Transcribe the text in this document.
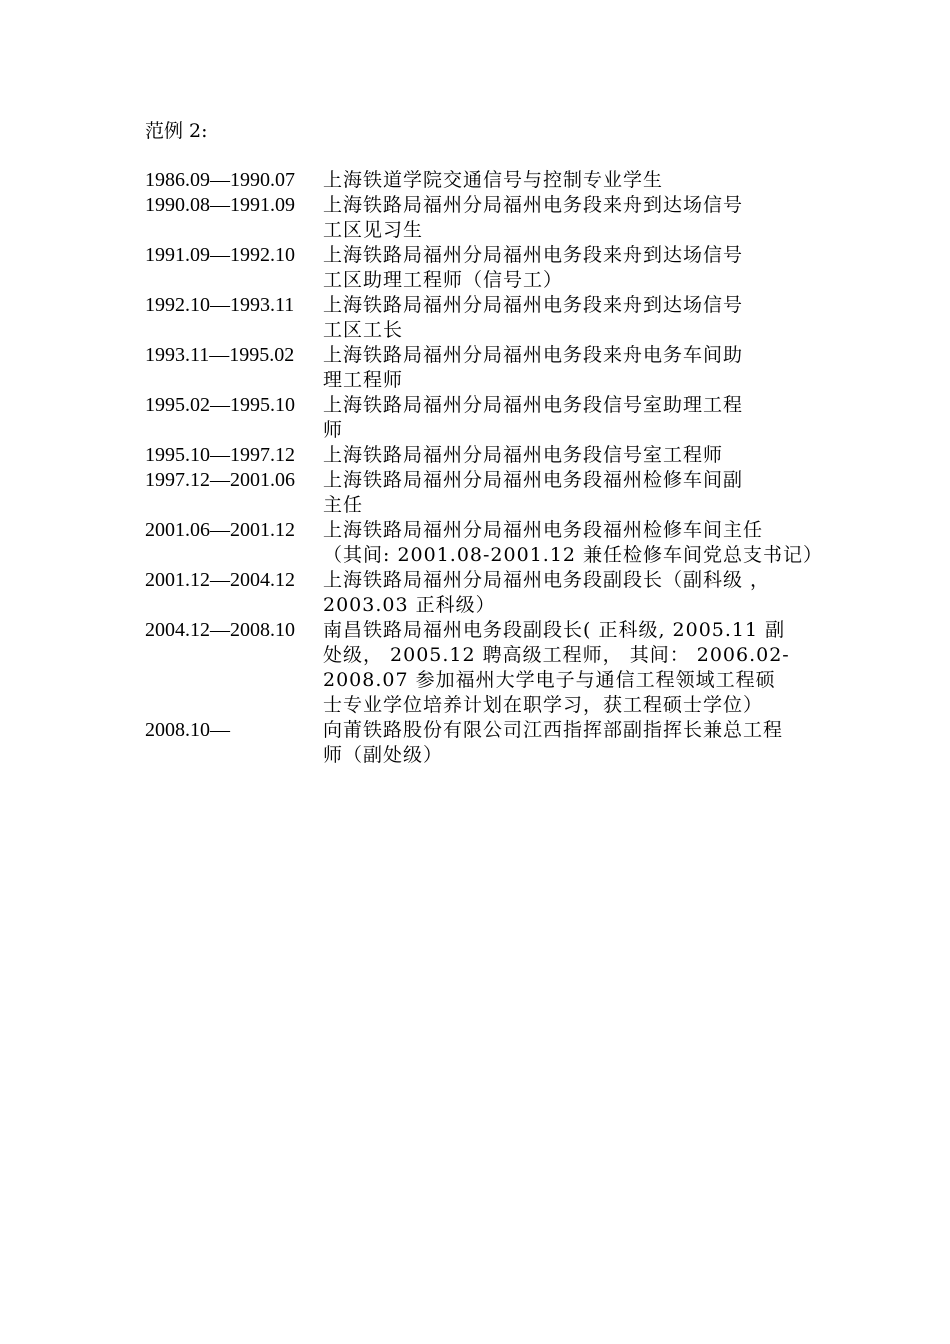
范例 2:
1986.09—1990.07	上海铁道学院交通信号与控制专业学生
1990.08—1991.09	上海铁路局福州分局福州电务段来舟到达场信号
工区见习生
1991.09—1992.10	上海铁路局福州分局福州电务段来舟到达场信号
工区助理工程师（信号工）
1992.10—1993.11	上海铁路局福州分局福州电务段来舟到达场信号
工区工长
1993.11—1995.02	上海铁路局福州分局福州电务段来舟电务车间助
理工程师
1995.02—1995.10	上海铁路局福州分局福州电务段信号室助理工程
师
1995.10—1997.12	上海铁路局福州分局福州电务段信号室工程师
1997.12—2001.06	上海铁路局福州分局福州电务段福州检修车间副
主任
2001.06—2001.12	上海铁路局福州分局福州电务段福州检修车间主任
（其间: 2001.08-2001.12 兼任检修车间党总支书记）
2001.12—2004.12	上海铁路局福州分局福州电务段副段长（副科级 ，
2003.03 正科级）
2004.12—2008.10	南昌铁路局福州电务段副段长( 正科级, 2005.11 副
处级， 2005.12 聘高级工程师， 其间： 2006.02-
2008.07 参加福州大学电子与通信工程领域工程硕
士专业学位培养计划在职学习，获工程硕士学位）
2008.10—	向莆铁路股份有限公司江西指挥部副指挥长兼总工程
师（副处级）
